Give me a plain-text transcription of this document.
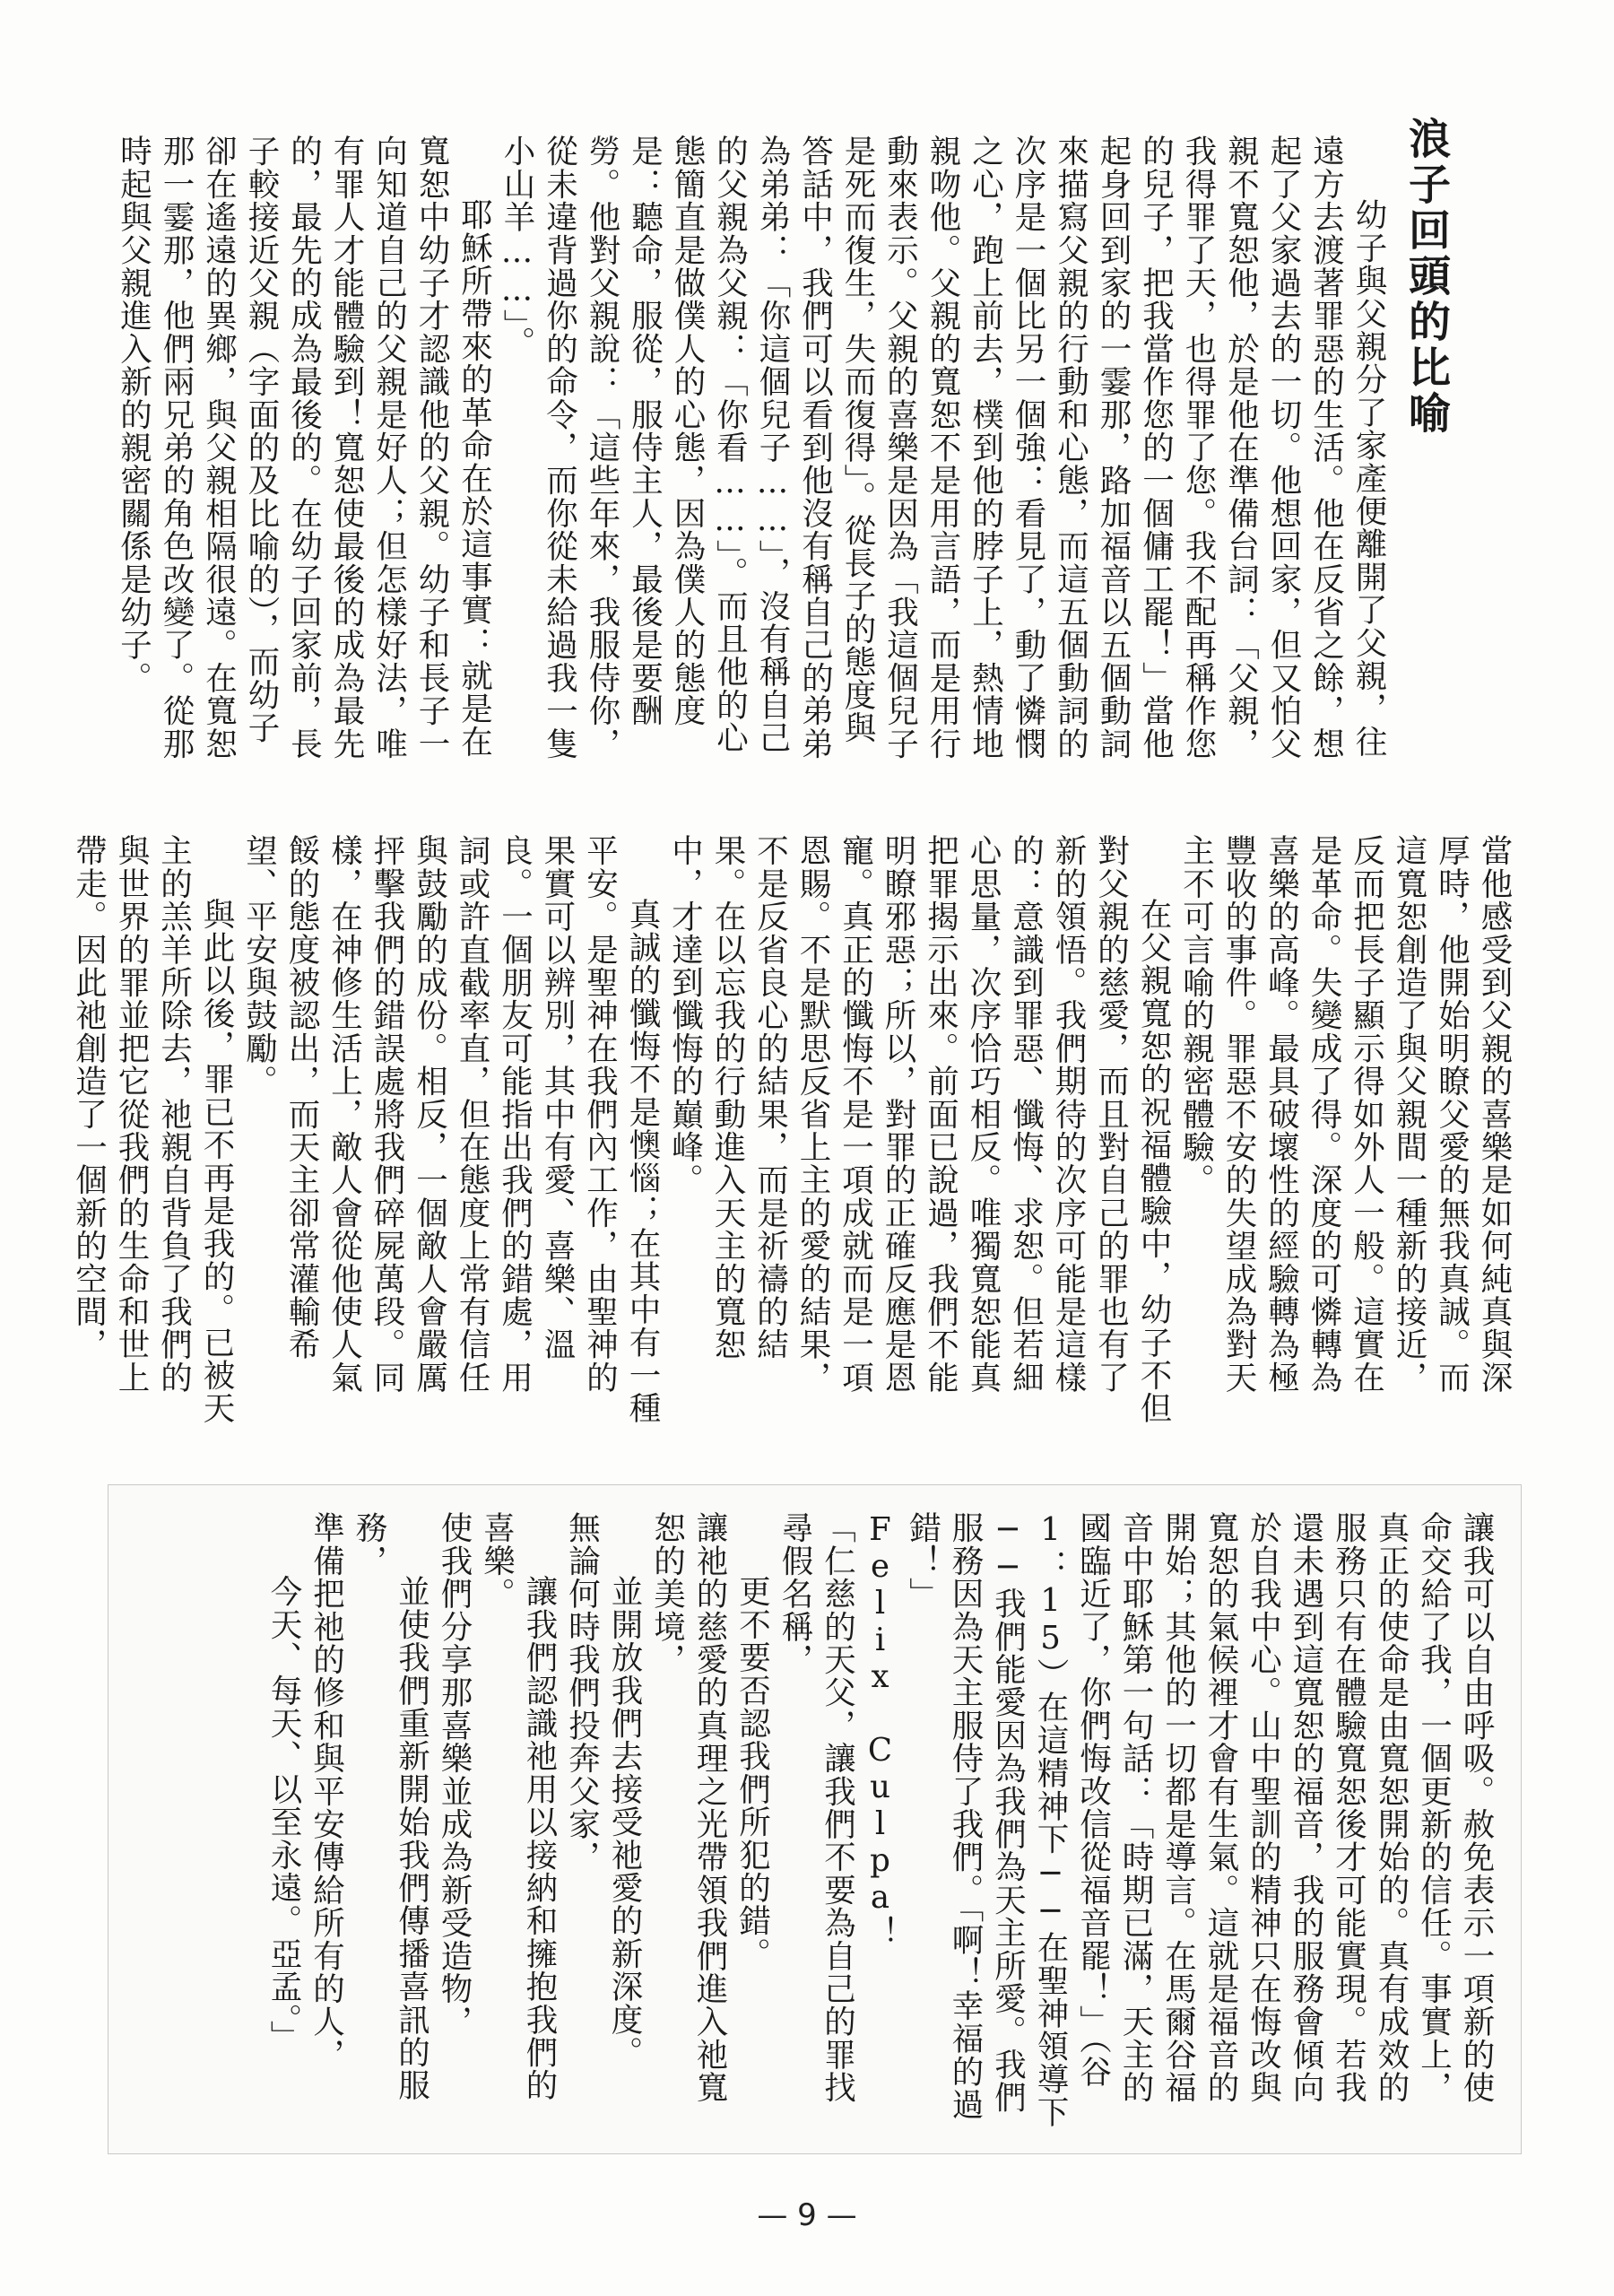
浪子回頭的比喻

幼子與父親分了家產便離開了父親，往遠方去渡著罪惡的生活。他在反省之餘，想起了父家過去的一切。他想回家，但又怕父親不寬恕他，於是他在準備台詞：「父親，我得罪了天，也得罪了您。我不配再稱作您的兒子，把我當作您的一個傭工罷！」當他起身回到家的一霎那，路加福音以五個動詞來描寫父親的行動和心態，而這五個動詞的次序是一個比另一個強：看見了，動了憐憫之心，跑上前去，樸到他的脖子上，熱情地親吻他。父親的寬恕不是用言語，而是用行動來表示。父親的喜樂是因為「我這個兒子是死而復生，失而復得」。從長子的態度與答話中，我們可以看到他沒有稱自己的弟弟為弟弟：「你這個兒子……」，沒有稱自己的父親為父親：「你看……」。而且他的心態簡直是做僕人的心態，因為僕人的態度是：聽命，服從，服侍主人，最後是要酬勞。他對父親說：「這些年來，我服侍你，從未違背過你的命令，而你從未給過我一隻小山羊……」。

耶穌所帶來的革命在於這事實：就是在寬恕中幼子才認識他的父親。幼子和長子一向知道自己的父親是好人；但怎樣好法，唯有罪人才能體驗到！寬恕使最後的成為最先的，最先的成為最後的。在幼子回家前，長子較接近父親（字面的及比喻的），而幼子卻在遙遠的異鄉，與父親相隔很遠。在寬恕那一霎那，他們兩兄弟的角色改變了。從那時起與父親進入新的親密關係是幼子。

當他感受到父親的喜樂是如何純真與深厚時，他開始明瞭父愛的無我真誠。而這寬恕創造了與父親間一種新的接近，反而把長子顯示得如外人一般。這實在是革命。失變成了得。深度的可憐轉為喜樂的高峰。最具破壞性的經驗轉為極豐收的事件。罪惡不安的失望成為對天主不可言喻的親密體驗。

在父親寬恕的祝福體驗中，幼子不但對父親的慈愛，而且對自己的罪也有了新的領悟。我們期待的次序可能是這樣的：意識到罪惡、懺悔、求恕。但若細心思量，次序恰巧相反。唯獨寬恕能真把罪揭示出來。前面已說過，我們不能明瞭邪惡；所以，對罪的正確反應是恩寵。真正的懺悔不是一項成就而是一項恩賜。不是默思反省上主的愛的結果，不是反省良心的結果，而是祈禱的結果。在以忘我的行動進入天主的寬恕中，才達到懺悔的巔峰。

真誠的懺悔不是懊惱；在其中有一種平安。是聖神在我們內工作，由聖神的果實可以辨別，其中有愛、喜樂、溫良。一個朋友可能指出我們的錯處，用詞或許直截率直，但在態度上常有信任與鼓勵的成份。相反，一個敵人會嚴厲抨擊我們的錯誤處將我們碎屍萬段。同樣，在神修生活上，敵人會從他使人氣餒的態度被認出，而天主卻常灌輸希望、平安與鼓勵。

與此以後，罪已不再是我的。已被天主的羔羊所除去，祂親自背負了我們的與世界的罪並把它從我們的生命和世上帶走。因此祂創造了一個新的空間，

讓我可以自由呼吸。赦免表示一項新的使命交給了我，一個更新的信任。事實上，真正的使命是由寬恕開始的。真有成效的服務只有在體驗寬恕後才可能實現。若我還未遇到這寬恕的福音，我的服務會傾向於自我中心。山中聖訓的精神只在悔改與寬恕的氣候裡才會有生氣。這就是福音的開始；其他的一切都是導言。在馬爾谷福音中耶穌第一句話：「時期已滿，天主的國臨近了，你們悔改信從福音罷！」（谷1：15）在這精神下──在聖神領導下──我們能愛因為我們為天主所愛。我們服務因為天主服侍了我們。「啊！幸福的過錯！」

Felix Culpa！

「仁慈的天父，讓我們不要為自己的罪找尋假名稱，

更不要否認我們所犯的錯。

讓祂的慈愛的真理之光帶領我們進入祂寬恕的美境，

並開放我們去接受祂愛的新深度。

無論何時我們投奔父家，

讓我們認識祂用以接納和擁抱我們的喜樂。

使我們分享那喜樂並成為新受造物，

並使我們重新開始我們傳播喜訊的服務，

準備把祂的修和與平安傳給所有的人，

今天、每天、以至永遠。亞孟。」

— 9 —
